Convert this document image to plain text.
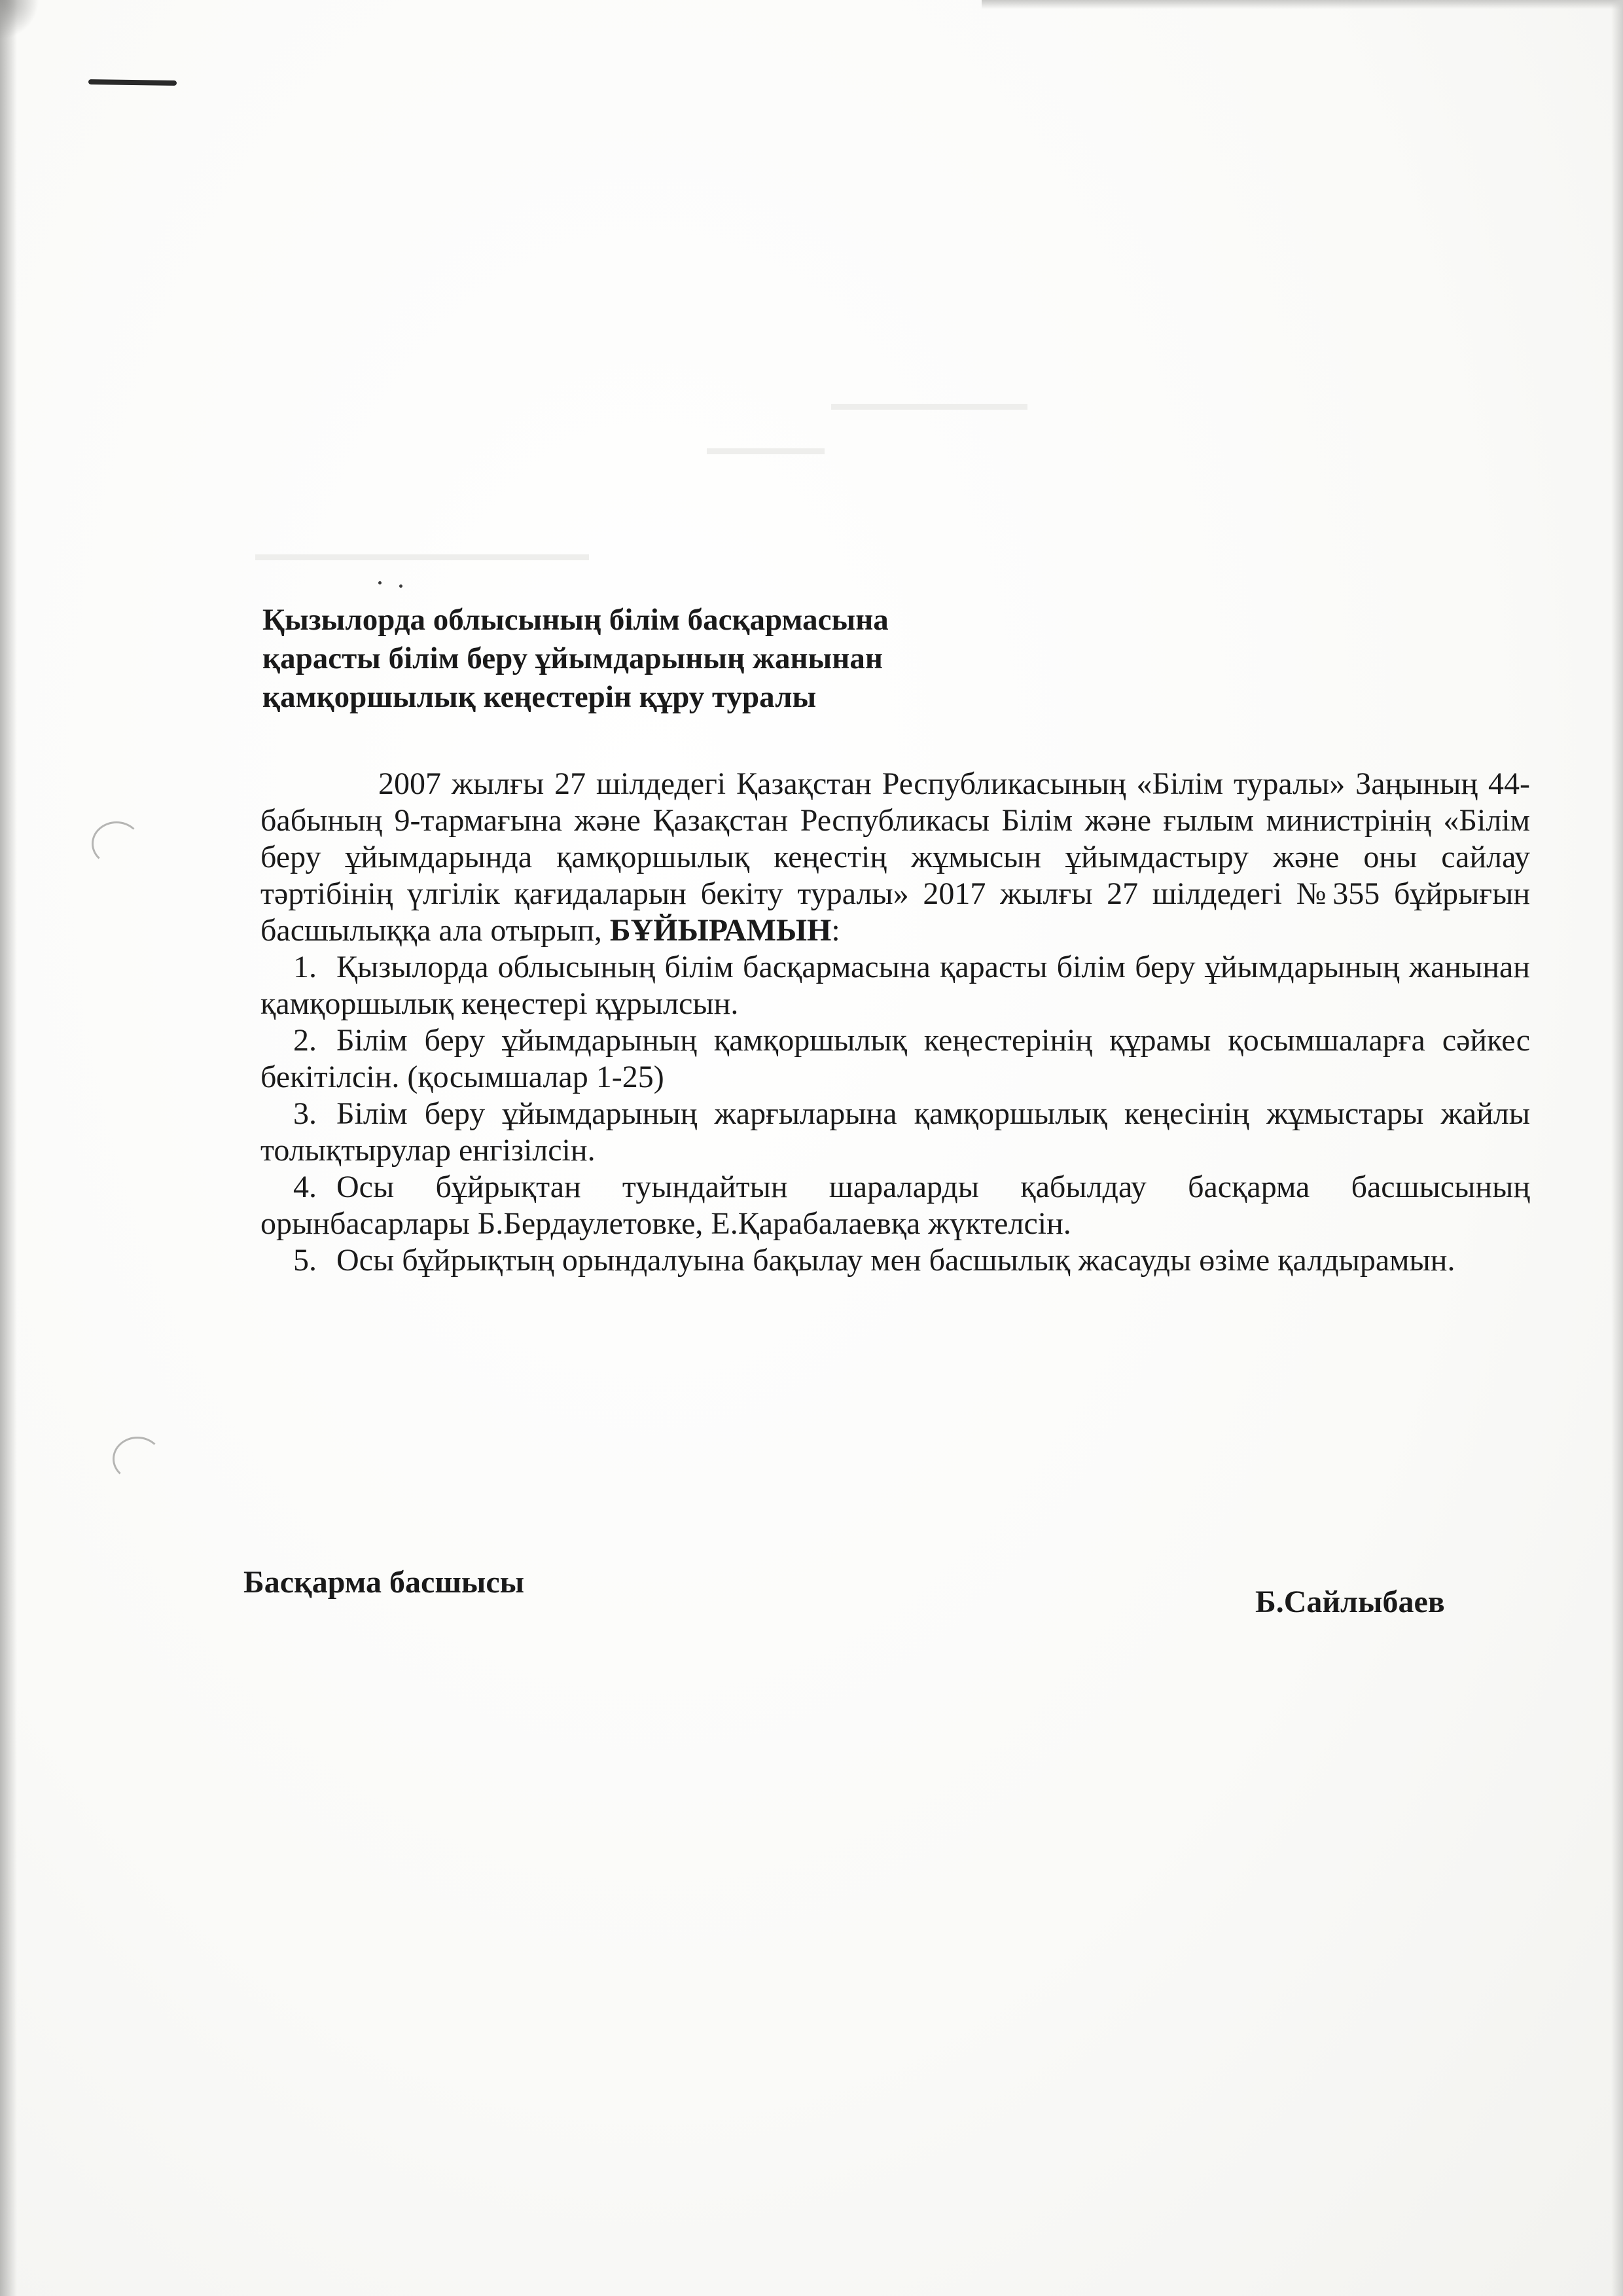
▬▬▬▬▬▬
▬▬▬▬▬▬▬▬▬▬▬▬▬▬▬▬▬
▬▬▬▬▬▬▬▬▬▬
Қызылорда облысының білім басқармасына
қарасты білім беру ұйымдарының жанынан
қамқоршылық кеңестерін құру туралы

2007 жылғы 27 шілдедегі Қазақстан Республикасының «Білім туралы» Заңының 44-бабының 9-тармағына және Қазақстан Республикасы Білім және ғылым министрінің «Білім беру ұйымдарында қамқоршылық кеңестің жұмысын ұйымдастыру және оны сайлау тәртібінің үлгілік қағидаларын бекіту туралы» 2017 жылғы 27 шілдедегі №355 бұйрығын басшылыққа ала отырып, БҰЙЫРАМЫН:

1. Қызылорда облысының білім басқармасына қарасты білім беру ұйымдарының жанынан қамқоршылық кеңестері құрылсын.
2. Білім беру ұйымдарының қамқоршылық кеңестерінің құрамы қосымшаларға сәйкес бекітілсін. (қосымшалар 1-25)
3. Білім беру ұйымдарының жарғыларына қамқоршылық кеңесінің жұмыстары жайлы толықтырулар енгізілсін.
4. Осы бұйрықтан туындайтын шараларды қабылдау басқарма басшысының орынбасарлары Б.Бердаулетовке, Е.Қарабалаевқа жүктелсін.
5. Осы бұйрықтың орындалуына бақылау мен басшылық жасауды өзіме қалдырамын.
Басқарма басшысы
Б.Сайлыбаев
